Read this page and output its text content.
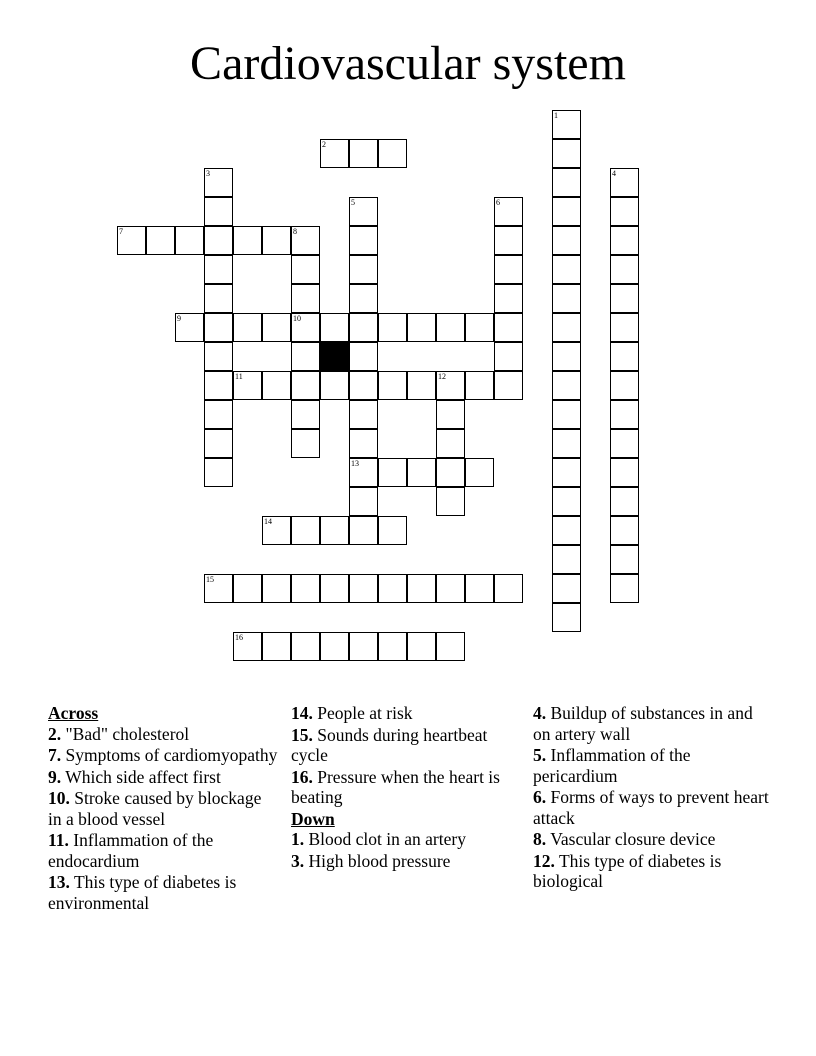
Cardiovascular system
1
2
3	4
5
13
6
7	8
10
9
11	12
14
15
16
Across
2. "Bad" cholesterol
7. Symptoms of cardiomyopathy
9. Which side affect first
10. Stroke caused by blockage in a blood vessel
11. Inflammation of the endocardium
13. This type of diabetes is environmental
14. People at risk
15. Sounds during heartbeat cycle
16. Pressure when the heart is beating
Down
1. Blood clot in an artery
3. High blood pressure
4. Buildup of substances in and on artery wall
5. Inflammation of the pericardium
6. Forms of ways to prevent heart attack
8. Vascular closure device
12. This type of diabetes is biological
